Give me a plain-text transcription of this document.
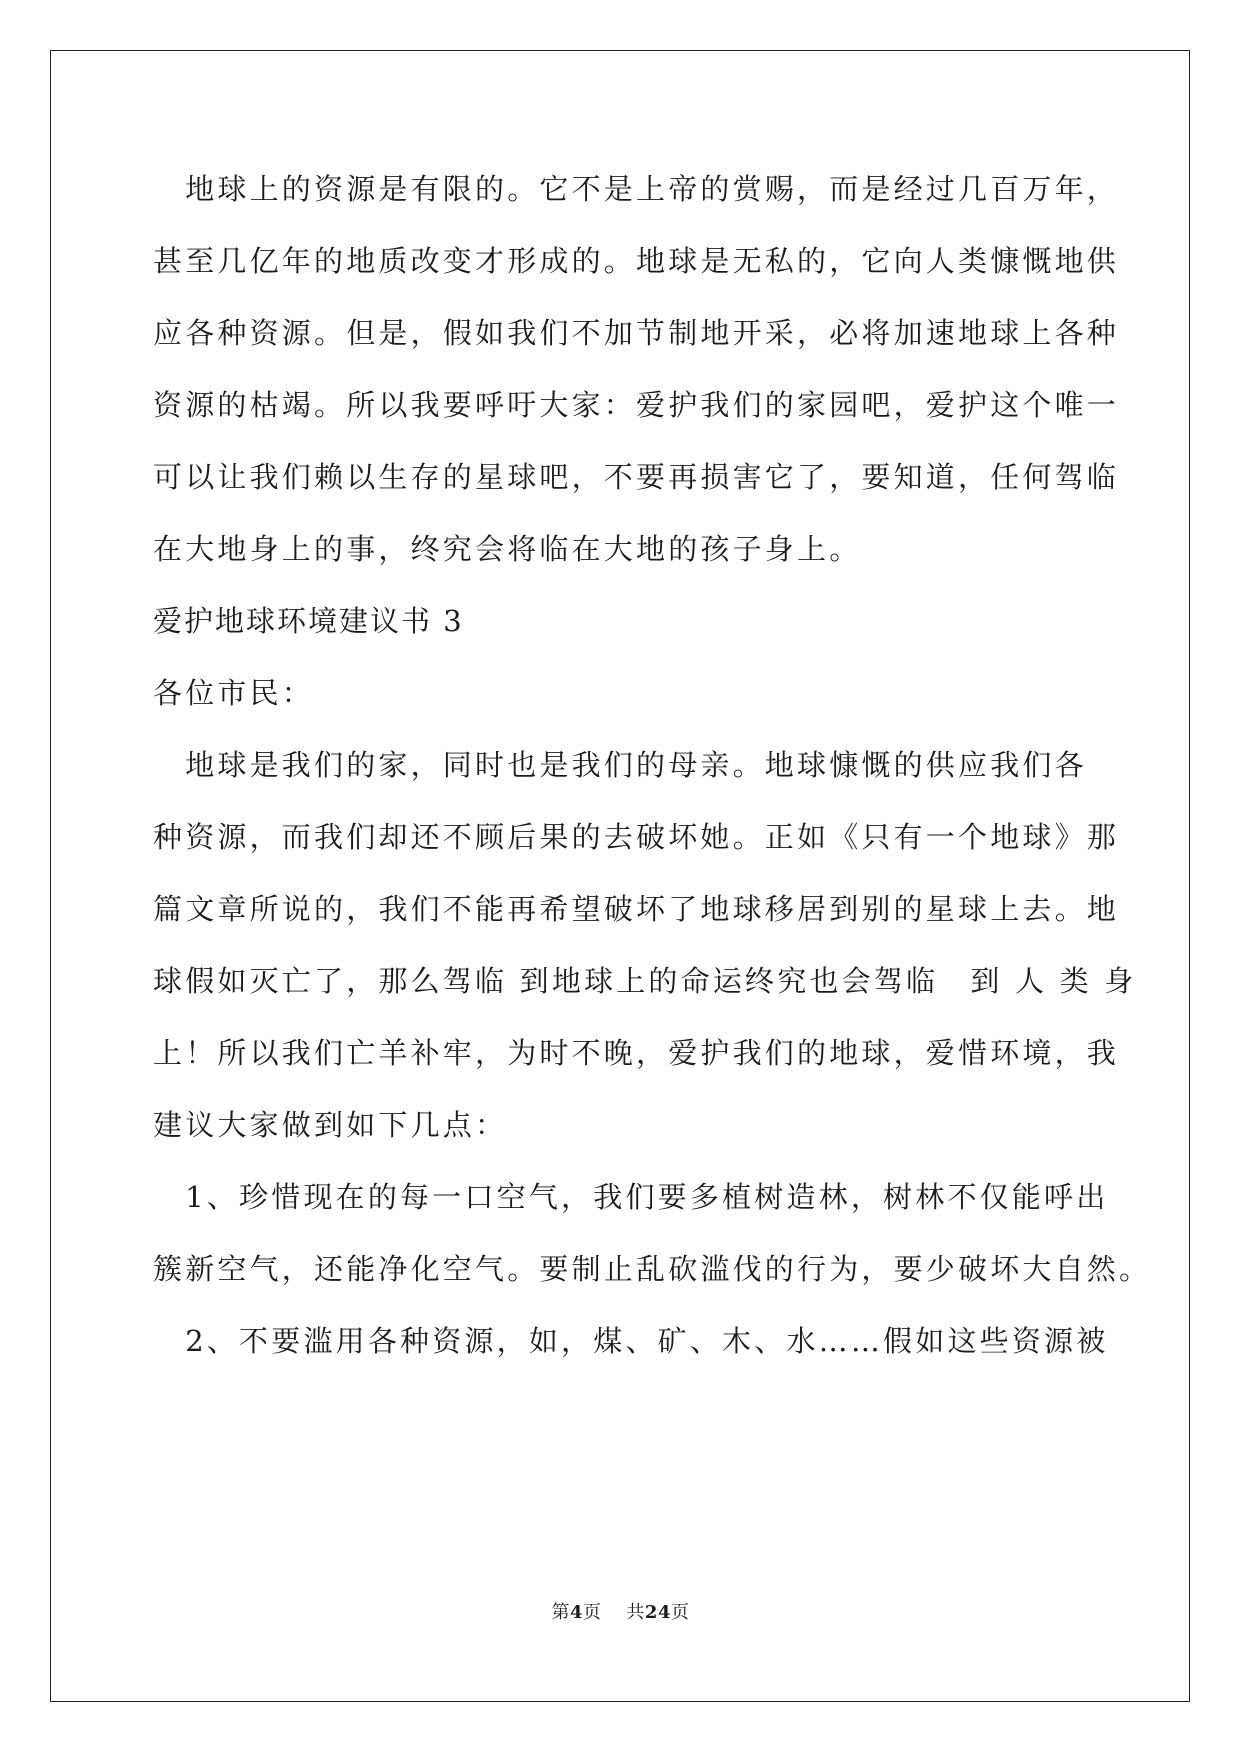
　地球上的资源是有限的。它不是上帝的赏赐，而是经过几百万年，
甚至几亿年的地质改变才形成的。地球是无私的，它向人类慷慨地供
应各种资源。但是，假如我们不加节制地开采，必将加速地球上各种
资源的枯竭。所以我要呼吁大家：爱护我们的家园吧，爱护这个唯一
可以让我们赖以生存的星球吧，不要再损害它了，要知道，任何驾临
在大地身上的事，终究会将临在大地的孩子身上。
爱护地球环境建议书 3
各位市民：
　地球是我们的家，同时也是我们的母亲。地球慷慨的供应我们各
种资源，而我们却还不顾后果的去破坏她。正如《只有一个地球》那
篇文章所说的，我们不能再希望破坏了地球移居到别的星球上去。地
球假如灭亡了，那么驾临 到地球上的命运终究也会驾临　到 人 类 身
上！所以我们亡羊补牢，为时不晚，爱护我们的地球，爱惜环境，我
建议大家做到如下几点：
　1、珍惜现在的每一口空气，我们要多植树造林，树林不仅能呼出
簇新空气，还能净化空气。要制止乱砍滥伐的行为，要少破坏大自然。
　2、不要滥用各种资源，如，煤、矿、木、水……假如这些资源被
第4页 共24页
